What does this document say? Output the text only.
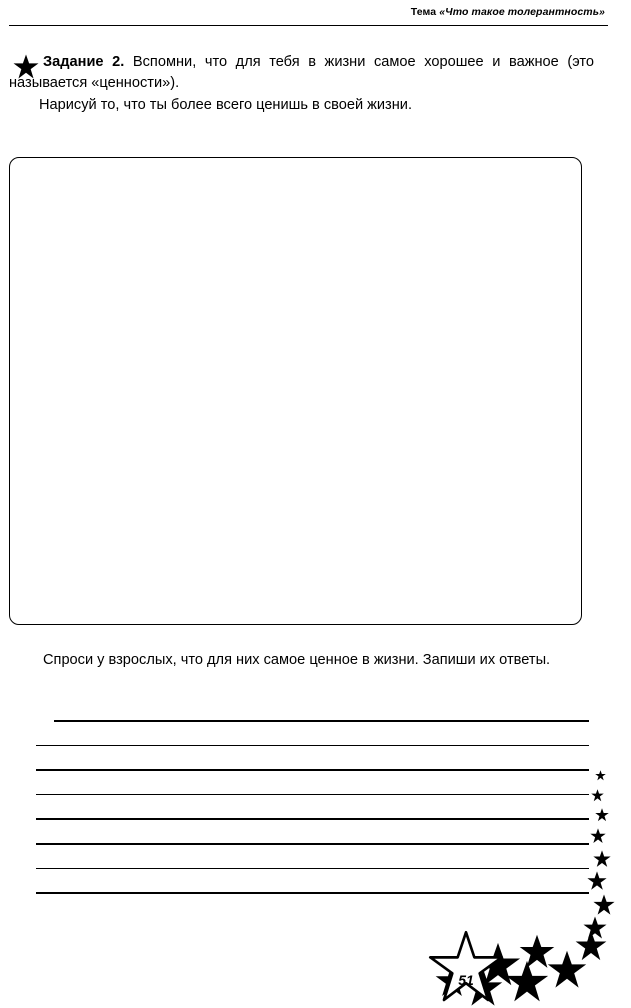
Тема «Что такое толерантность»

Задание 2. Вспомни, что для тебя в жизни самое хорошее и важное (это называется «ценности»).

Нарисуй то, что ты более всего ценишь в своей жизни.

Спроси у взрослых, что для них самое ценное в жизни. Запиши их ответы.

51
